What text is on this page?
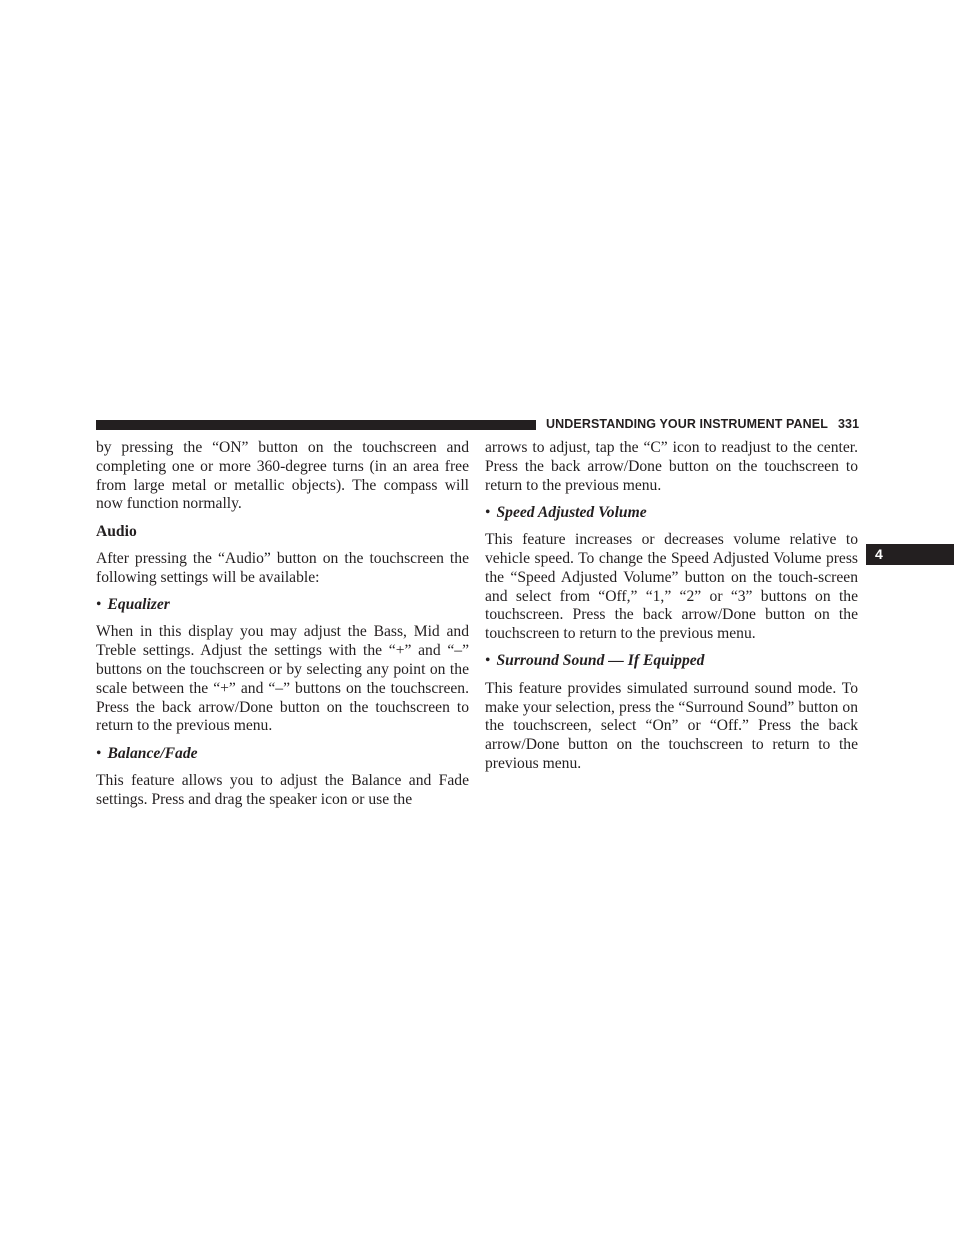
UNDERSTANDING YOUR INSTRUMENT PANEL 331
4

by pressing the “ON” button on the touchscreen and completing one or more 360-degree turns (in an area free from large metal or metallic objects). The compass will now function normally.

Audio

After pressing the “Audio” button on the touchscreen the following settings will be available:

• Equalizer

When in this display you may adjust the Bass, Mid and Treble settings. Adjust the settings with the “+” and “–” buttons on the touchscreen or by selecting any point on the scale between the “+” and “–” buttons on the touchscreen. Press the back arrow/Done button on the touchscreen to return to the previous menu.

• Balance/Fade

This feature allows you to adjust the Balance and Fade settings. Press and drag the speaker icon or use the

arrows to adjust, tap the “C” icon to readjust to the center. Press the back arrow/Done button on the touchscreen to return to the previous menu.

• Speed Adjusted Volume

This feature increases or decreases volume relative to vehicle speed. To change the Speed Adjusted Volume press the “Speed Adjusted Volume” button on the touch-screen and select from “Off,” “1,” “2” or “3” buttons on the touchscreen. Press the back arrow/Done button on the touchscreen to return to the previous menu.

• Surround Sound — If Equipped

This feature provides simulated surround sound mode. To make your selection, press the “Surround Sound” button on the touchscreen, select “On” or “Off.” Press the back arrow/Done button on the touchscreen to return to the previous menu.
